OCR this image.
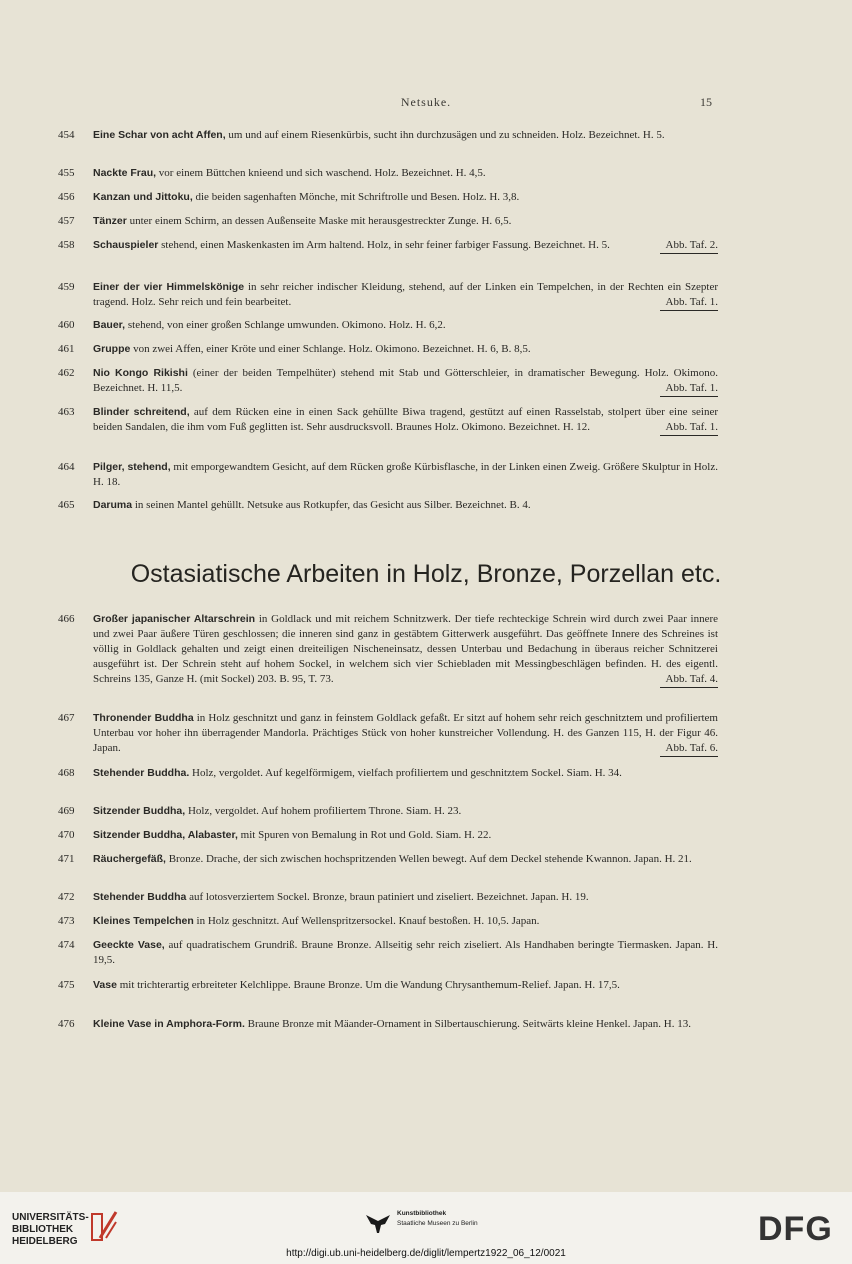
Netsuke.	15
454	Eine Schar von acht Affen, um und auf einem Riesenkürbis, sucht ihn durchzusägen und zu schneiden. Holz. Bezeichnet. H. 5.
455	Nackte Frau, vor einem Büttchen knieend und sich waschend. Holz. Bezeichnet. H. 4,5.
456	Kanzan und Jittoku, die beiden sagenhaften Mönche, mit Schriftrolle und Besen. Holz. H. 3,8.
457	Tänzer unter einem Schirm, an dessen Außenseite Maske mit herausgestreckter Zunge. H. 6,5.
458	Schauspieler stehend, einen Maskenkasten im Arm haltend. Holz, in sehr feiner farbiger Fassung. Bezeichnet. H. 5.	Abb. Taf. 2.
459	Einer der vier Himmelskönige in sehr reicher indischer Kleidung, stehend, auf der Linken ein Tempelchen, in der Rechten ein Szepter tragend. Holz. Sehr reich und fein bearbeitet.	Abb. Taf. 1.
460	Bauer, stehend, von einer großen Schlange umwunden. Okimono. Holz. H. 6,2.
461	Gruppe von zwei Affen, einer Kröte und einer Schlange. Holz. Okimono. Bezeichnet. H. 6, B. 8,5.
462	Nio Kongo Rikishi (einer der beiden Tempelhüter) stehend mit Stab und Götterschleier, in dramatischer Bewegung. Holz. Okimono. Bezeichnet. H. 11,5.	Abb. Taf. 1.
463	Blinder schreitend, auf dem Rücken eine in einen Sack gehüllte Biwa tragend, gestützt auf einen Rasselstab, stolpert über eine seiner beiden Sandalen, die ihm vom Fuß geglitten ist. Sehr ausdrucksvoll. Braunes Holz. Okimono. Bezeichnet. H. 12.	Abb. Taf. 1.
464	Pilger, stehend, mit emporgewandtem Gesicht, auf dem Rücken große Kürbisflasche, in der Linken einen Zweig. Größere Skulptur in Holz. H. 18.
465	Daruma in seinen Mantel gehüllt. Netsuke aus Rotkupfer, das Gesicht aus Silber. Bezeichnet. B. 4.
Ostasiatische Arbeiten in Holz, Bronze, Porzellan etc.
466	Großer japanischer Altarschrein in Goldlack und mit reichem Schnitzwerk. Der tiefe rechteckige Schrein wird durch zwei Paar innere und zwei Paar äußere Türen geschlossen; die inneren sind ganz in gestäbtem Gitterwerk ausgeführt. Das geöffnete Innere des Schreines ist völlig in Goldlack gehalten und zeigt einen dreiteiligen Nischeneinsatz, dessen Unterbau und Bedachung in überaus reicher Schnitzerei ausgeführt ist. Der Schrein steht auf hohem Sockel, in welchem sich vier Schiebladen mit Messingbeschlägen befinden. H. des eigentl. Schreins 135, Ganze H. (mit Sockel) 203. B. 95, T. 73.	Abb. Taf. 4.
467	Thronender Buddha in Holz geschnitzt und ganz in feinstem Goldlack gefaßt. Er sitzt auf hohem sehr reich geschnitztem und profiliertem Unterbau vor hoher ihn überragender Mandorla. Prächtiges Stück von hoher kunstreicher Vollendung. H. des Ganzen 115, H. der Figur 46. Japan.	Abb. Taf. 6.
468	Stehender Buddha. Holz, vergoldet. Auf kegelförmigem, vielfach profiliertem und geschnitztem Sockel. Siam. H. 34.
469	Sitzender Buddha, Holz, vergoldet. Auf hohem profiliertem Throne. Siam. H. 23.
470	Sitzender Buddha, Alabaster, mit Spuren von Bemalung in Rot und Gold. Siam. H. 22.
471	Räuchergefäß, Bronze. Drache, der sich zwischen hochspritzenden Wellen bewegt. Auf dem Deckel stehende Kwannon. Japan. H. 21.
472	Stehender Buddha auf lotosverziertem Sockel. Bronze, braun patiniert und ziseliert. Bezeichnet. Japan. H. 19.
473	Kleines Tempelchen in Holz geschnitzt. Auf Wellenspritzersockel. Knauf bestoßen. H. 10,5. Japan.
474	Geeckte Vase, auf quadratischem Grundriß. Braune Bronze. Allseitig sehr reich ziseliert. Als Handhaben beringte Tiermasken. Japan. H. 19,5.
475	Vase mit trichterartig erbreiteter Kelchlippe. Braune Bronze. Um die Wandung Chrysanthemum-Relief. Japan. H. 17,5.
476	Kleine Vase in Amphora-Form. Braune Bronze mit Mäander-Ornament in Silbertauschierung. Seitwärts kleine Henkel. Japan. H. 13.
UNIVERSITÄTS-
BIBLIOTHEK
HEIDELBERG
Kunstbibliothek
Staatliche Museen zu Berlin	DFG
http://digi.ub.uni-heidelberg.de/diglit/lempertz1922_06_12/0021
